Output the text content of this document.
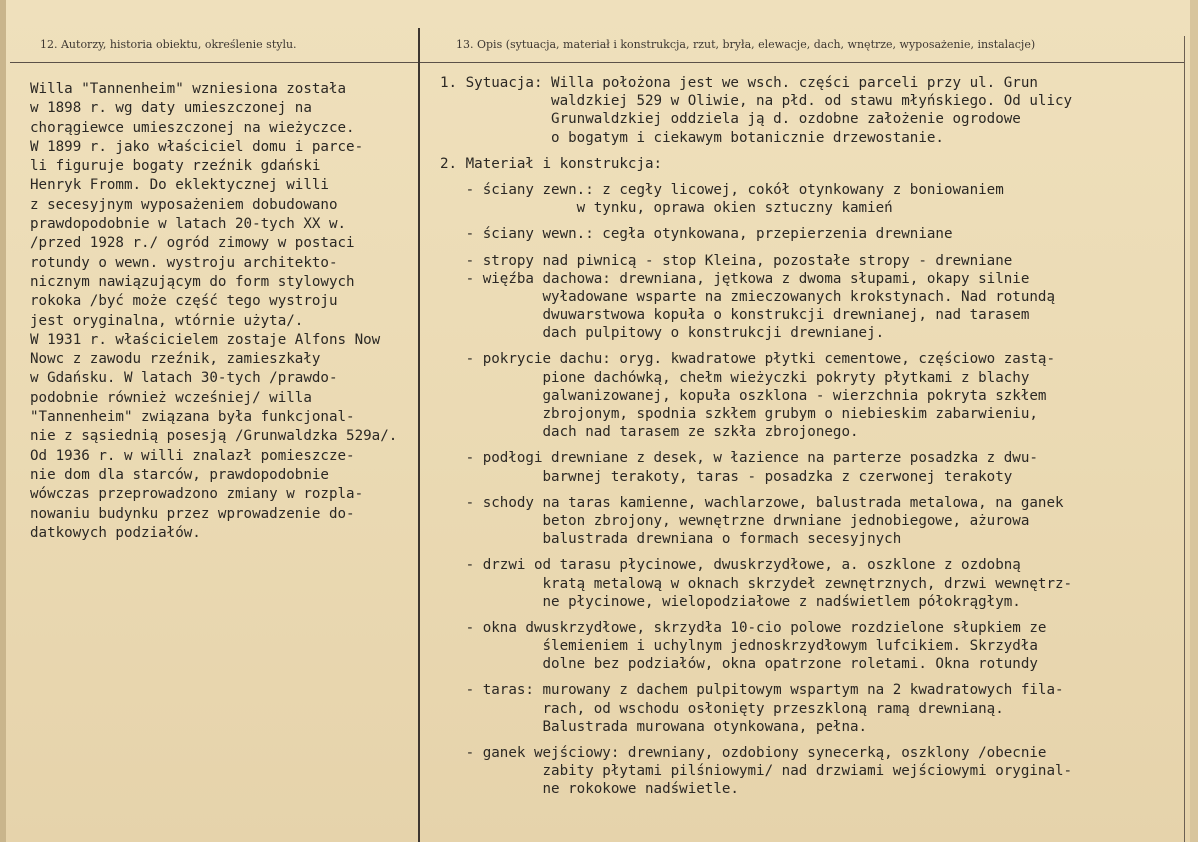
12. Autorzy, historia obiektu, określenie stylu.	13. Opis (sytuacja, materiał i konstrukcja, rzut, bryła, elewacje, dach, wnętrze, wyposażenie, instalacje)
Willa "Tannenheim" wzniesiona została
w 1898 r. wg daty umieszczonej na
chorągiewce umieszczonej na wieżyczce.
W 1899 r. jako właściciel domu i parce-
li figuruje bogaty rzeźnik gdański
Henryk Fromm. Do eklektycznej willi
z secesyjnym wyposażeniem dobudowano
prawdopodobnie w latach 20-tych XX w.
/przed 1928 r./ ogród zimowy w postaci
rotundy o wewn. wystroju architekto-
nicznym nawiązującym do form stylowych
rokoka /być może część tego wystroju
jest oryginalna, wtórnie użyta/.
W 1931 r. właścicielem zostaje Alfons Now
Nowc z zawodu rzeźnik, zamieszkały
w Gdańsku. W latach 30-tych /prawdo-
podobnie również wcześniej/ willa
"Tannenheim" związana była funkcjonal-
nie z sąsiednią posesją /Grunwaldzka 529a/.
Od 1936 r. w willi znalazł pomieszcze-
nie dom dla starców, prawdopodobnie
wówczas przeprowadzono zmiany w rozpla-
nowaniu budynku przez wprowadzenie do-
datkowych podziałów.
1. Sytuacja: Willa położona jest we wsch. części parceli przy ul. Grun
waldzkiej 529 w Oliwie, na płd. od stawu młyńskiego. Od ulicy
Grunwaldzkiej oddziela ją d. ozdobne założenie ogrodowe
o bogatym i ciekawym botanicznie drzewostanie.
2. Materiał i konstrukcja:
- ściany zewn.: z cegły licowej, cokół otynkowany z boniowaniem
w tynku, oprawa okien sztuczny kamień
- ściany wewn.: cegła otynkowana, przepierzenia drewniane
- stropy nad piwnicą - stop Kleina, pozostałe stropy - drewniane
- więźba dachowa: drewniana, jętkowa z dwoma słupami, okapy silnie
wyładowane wsparte na zmieczowanych krokstynach. Nad rotundą
dwuwarstwowa kopuła o konstrukcji drewnianej, nad tarasem
dach pulpitowy o konstrukcji drewnianej.
- pokrycie dachu: oryg. kwadratowe płytki cementowe, częściowo zastą-
pione dachówką, chełm wieżyczki pokryty płytkami z blachy
galwanizowanej, kopuła oszklona - wierzchnia pokryta szkłem
zbrojonym, spodnia szkłem grubym o niebieskim zabarwieniu,
dach nad tarasem ze szkła zbrojonego.
- podłogi drewniane z desek, w łazience na parterze posadzka z dwu-
barwnej terakoty, taras - posadzka z czerwonej terakoty
- schody na taras kamienne, wachlarzowe, balustrada metalowa, na ganek
beton zbrojony, wewnętrzne drwniane jednobiegowe, ażurowa
balustrada drewniana o formach secesyjnych
- drzwi od tarasu płycinowe, dwuskrzydłowe, a. oszklone z ozdobną
kratą metalową w oknach skrzydeł zewnętrznych, drzwi wewnętrz-
ne płycinowe, wielopodziałowe z nadświetlem półokrągłym.
- okna dwuskrzydłowe, skrzydła 10-cio polowe rozdzielone słupkiem ze
ślemieniem i uchylnym jednoskrzydłowym lufcikiem. Skrzydła
dolne bez podziałów, okna opatrzone roletami. Okna rotundy
- taras: murowany z dachem pulpitowym wspartym na 2 kwadratowych fila-
rach, od wschodu osłonięty przeszkloną ramą drewnianą.
Balustrada murowana otynkowana, pełna.
- ganek wejściowy: drewniany, ozdobiony synecerką, oszklony /obecnie
zabity płytami pilśniowymi/ nad drzwiami wejściowymi oryginal-
ne rokokowe nadświetle.
